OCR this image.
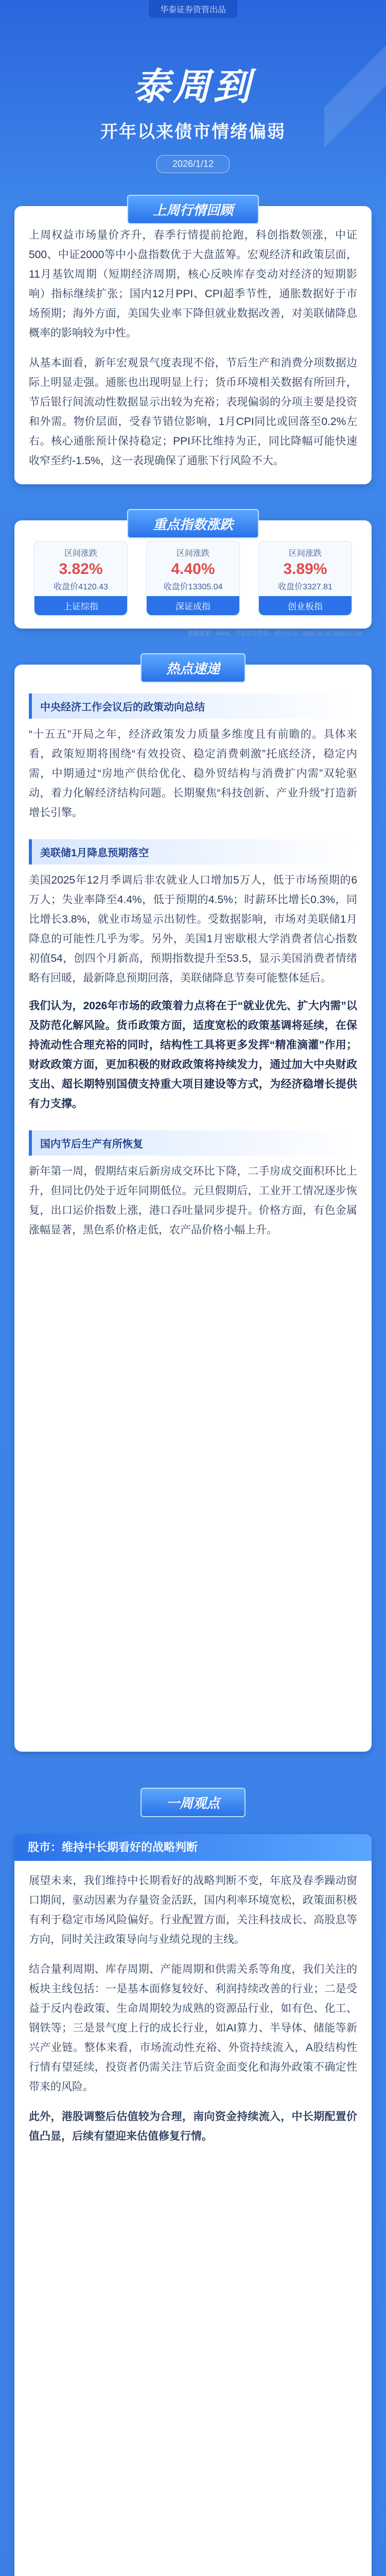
华泰证券资管出品
泰周到
开年以来债市情绪偏弱
2026/1/12
上周行情回顾

上周权益市场量价齐升，春季行情提前抢跑，科创指数领涨，中证500、中证2000等中小盘指数优于大盘蓝筹。宏观经济和政策层面，11月基钦周期（短期经济周期，核心反映库存变动对经济的短期影响）指标继续扩张；国内12月PPI、CPI超季节性，通胀数据好于市场预期；海外方面，美国失业率下降但就业数据改善，对美联储降息概率的影响较为中性。

从基本面看，新年宏观景气度表现不俗，节后生产和消费分项数据边际上明显走强。通胀也出现明显上行；货币环境相关数据有所回升，节后银行间流动性数据显示出较为充裕；表现偏弱的分项主要是投资和外需。物价层面，受春节错位影响，1月CPI同比或回落至0.2%左右。核心通胀预计保持稳定；PPI环比维持为正，同比降幅可能快速收窄至约-1.5%，这一表现确保了通胀下行风险不大。

重点指数涨跌
区间涨跌
3.82%
收盘价4120.43
上证综指
区间涨跌
4.40%
收盘价13305.04
深证成指
区间涨跌
3.89%
收盘价3327.81
创业板指
数据来源：Wind，华泰证券资管，统计区间：2026.01.05-2026.01.09
热点速递
中央经济工作会议后的政策动向总结

“十五五”开局之年，经济政策发力质量多维度且有前瞻的。具体来看，政策短期将围绕“有效投资、稳定消费刺激”托底经济，稳定内需，中期通过“房地产供给优化、稳外贸结构与消费扩内需”双轮驱动，着力化解经济结构问题。长期聚焦“科技创新、产业升级”打造新增长引擎。

美联储1月降息预期落空

美国2025年12月季调后非农就业人口增加5万人，低于市场预期的6万人；失业率降至4.4%，低于预期的4.5%；时薪环比增长0.3%，同比增长3.8%，就业市场显示出韧性。受数据影响，市场对美联储1月降息的可能性几乎为零。另外，美国1月密歇根大学消费者信心指数初值54，创四个月新高，预期指数提升至53.5，显示美国消费者情绪略有回暖，最新降息预期回落，美联储降息节奏可能整体延后。

我们认为，2026年市场的政策着力点将在于“就业优先、扩大内需”以及防范化解风险。货币政策方面，适度宽松的政策基调将延续，在保持流动性合理充裕的同时，结构性工具将更多发挥“精准滴灌”作用；财政政策方面，更加积极的财政政策将持续发力，通过加大中央财政支出、超长期特别国债支持重大项目建设等方式，为经济稳增长提供有力支撑。

国内节后生产有所恢复

新年第一周，假期结束后新房成交环比下降，二手房成交面积环比上升，但同比仍处于近年同期低位。元旦假期后，工业开工情况逐步恢复，出口运价指数上涨，港口吞吐量同步提升。价格方面，有色金属涨幅显著，黑色系价格走低，农产品价格小幅上升。

一周观点
股市：维持中长期看好的战略判断

展望未来，我们维持中长期看好的战略判断不变，年底及春季躁动窗口期间，驱动因素为存量资金活跃，国内利率环境宽松，政策面积极有利于稳定市场风险偏好。行业配置方面，关注科技成长、高股息等方向，同时关注政策导向与业绩兑现的主线。

结合量利周期、库存周期、产能周期和供需关系等角度，我们关注的板块主线包括：一是基本面修复较好、利润持续改善的行业；二是受益于反内卷政策、生命周期较为成熟的资源品行业，如有色、化工、钢铁等；三是景气度上行的成长行业，如AI算力、半导体、储能等新兴产业链。整体来看，市场流动性充裕、外资持续流入，A股结构性行情有望延续，投资者仍需关注节后资金面变化和海外政策不确定性带来的风险。

此外，港股调整后估值较为合理，南向资金持续流入，中长期配置价值凸显，后续有望迎来估值修复行情。
